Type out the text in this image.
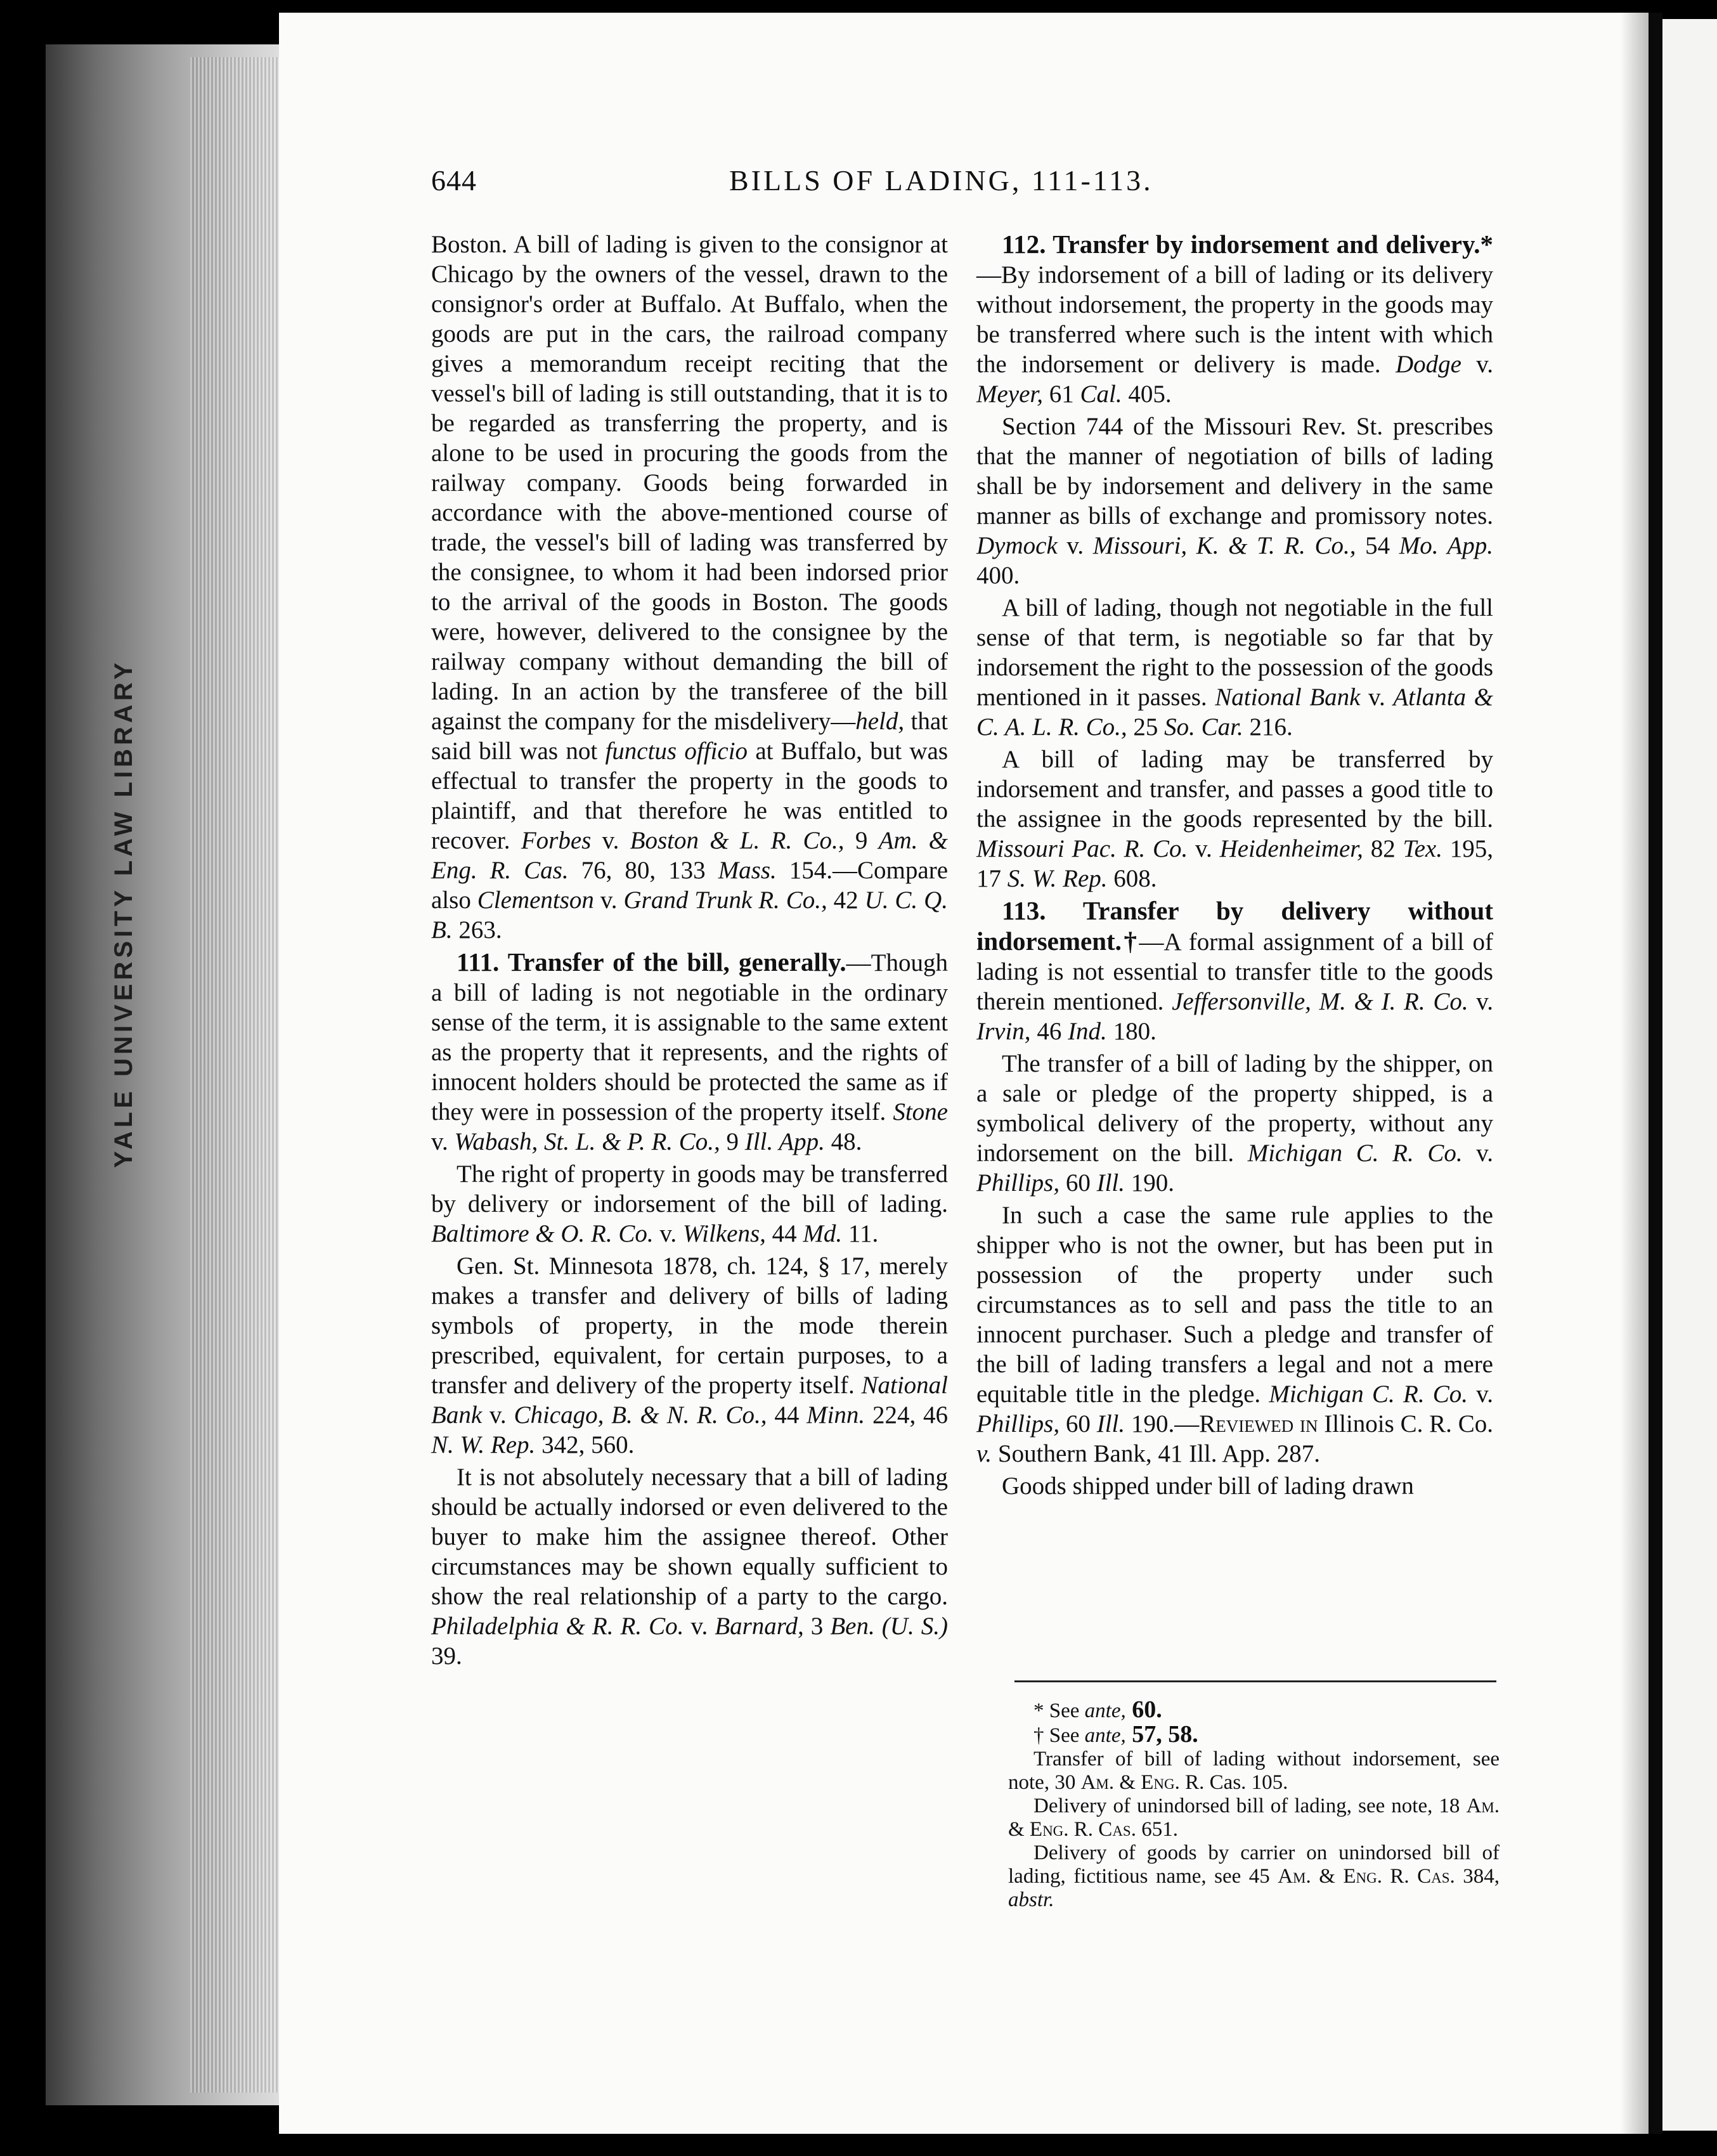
YALE UNIVERSITY LAW LIBRARY
644	BILLS OF LADING, 111-113.

Boston. A bill of lading is given to the consignor at Chicago by the owners of the vessel, drawn to the consignor's order at Buffalo. At Buffalo, when the goods are put in the cars, the railroad company gives a memorandum receipt reciting that the vessel's bill of lading is still outstanding, that it is to be regarded as transferring the property, and is alone to be used in procuring the goods from the railway company. Goods being forwarded in accordance with the above-mentioned course of trade, the vessel's bill of lading was transferred by the consignee, to whom it had been indorsed prior to the arrival of the goods in Boston. The goods were, however, delivered to the consignee by the railway company without demanding the bill of lading. In an action by the transferee of the bill against the company for the misdelivery—held, that said bill was not functus officio at Buffalo, but was effectual to transfer the property in the goods to plaintiff, and that therefore he was entitled to recover. Forbes v. Boston & L. R. Co., 9 Am. & Eng. R. Cas. 76, 80, 133 Mass. 154.—Compare also Clementson v. Grand Trunk R. Co., 42 U. C. Q. B. 263.

111. Transfer of the bill, generally.—Though a bill of lading is not negotiable in the ordinary sense of the term, it is assignable to the same extent as the property that it represents, and the rights of innocent holders should be protected the same as if they were in possession of the property itself. Stone v. Wabash, St. L. & P. R. Co., 9 Ill. App. 48.

The right of property in goods may be transferred by delivery or indorsement of the bill of lading. Baltimore & O. R. Co. v. Wilkens, 44 Md. 11.

Gen. St. Minnesota 1878, ch. 124, § 17, merely makes a transfer and delivery of bills of lading symbols of property, in the mode therein prescribed, equivalent, for certain purposes, to a transfer and delivery of the property itself. National Bank v. Chicago, B. & N. R. Co., 44 Minn. 224, 46 N. W. Rep. 342, 560.

It is not absolutely necessary that a bill of lading should be actually indorsed or even delivered to the buyer to make him the assignee thereof. Other circumstances may be shown equally sufficient to show the real relationship of a party to the cargo. Philadelphia & R. R. Co. v. Barnard, 3 Ben. (U. S.) 39.

112. Transfer by indorsement and delivery.*—By indorsement of a bill of lading or its delivery without indorsement, the property in the goods may be transferred where such is the intent with which the indorsement or delivery is made. Dodge v. Meyer, 61 Cal. 405.

Section 744 of the Missouri Rev. St. prescribes that the manner of negotiation of bills of lading shall be by indorsement and delivery in the same manner as bills of exchange and promissory notes. Dymock v. Missouri, K. & T. R. Co., 54 Mo. App. 400.

A bill of lading, though not negotiable in the full sense of that term, is negotiable so far that by indorsement the right to the possession of the goods mentioned in it passes. National Bank v. Atlanta & C. A. L. R. Co., 25 So. Car. 216.

A bill of lading may be transferred by indorsement and transfer, and passes a good title to the assignee in the goods represented by the bill. Missouri Pac. R. Co. v. Heidenheimer, 82 Tex. 195, 17 S. W. Rep. 608.

113. Transfer by delivery without indorsement.†—A formal assignment of a bill of lading is not essential to transfer title to the goods therein mentioned. Jeffersonville, M. & I. R. Co. v. Irvin, 46 Ind. 180.

The transfer of a bill of lading by the shipper, on a sale or pledge of the property shipped, is a symbolical delivery of the property, without any indorsement on the bill. Michigan C. R. Co. v. Phillips, 60 Ill. 190.

In such a case the same rule applies to the shipper who is not the owner, but has been put in possession of the property under such circumstances as to sell and pass the title to an innocent purchaser. Such a pledge and transfer of the bill of lading transfers a legal and not a mere equitable title in the pledge. Michigan C. R. Co. v. Phillips, 60 Ill. 190.—Reviewed in Illinois C. R. Co. v. Southern Bank, 41 Ill. App. 287.

Goods shipped under bill of lading drawn

* See ante, 60.

† See ante, 57, 58.

Transfer of bill of lading without indorsement, see note, 30 Am. & Eng. R. Cas. 105.

Delivery of unindorsed bill of lading, see note, 18 Am. & Eng. R. Cas. 651.

Delivery of goods by carrier on unindorsed bill of lading, fictitious name, see 45 Am. & Eng. R. Cas. 384, abstr.
